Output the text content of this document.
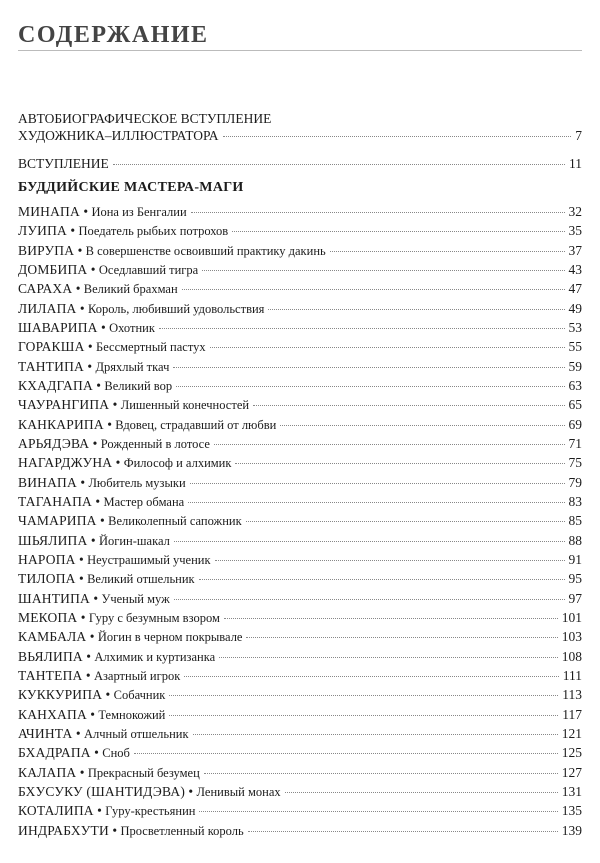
СОДЕРЖАНИЕ
АВТОБИОГРАФИЧЕСКОЕ ВСТУПЛЕНИЕ
ХУДОЖНИКА–ИЛЛЮСТРАТОРА	7
ВСТУПЛЕНИЕ	11
БУДДИЙСКИЕ МАСТЕРА-МАГИ
МИНАПА • Иона из Бенгалии	32
ЛУИПА • Поедатель рыбьих потрохов	35
ВИРУПА • В совершенстве освоивший практику дакинь	37
ДОМБИПА • Оседлавший тигра	43
САРАХА • Великий брахман	47
ЛИЛАПА • Король, любивший удовольствия	49
ШАВАРИПА • Охотник	53
ГОРАКША • Бессмертный пастух	55
ТАНТИПА • Дряхлый ткач	59
КХАДГАПА • Великий вор	63
ЧАУРАНГИПА • Лишенный конечностей	65
КАНКАРИПА • Вдовец, страдавший от любви	69
АРЬЯДЭВА • Рожденный в лотосе	71
НАГАРДЖУНА • Философ и алхимик	75
ВИНАПА • Любитель музыки	79
ТАГАНАПА • Мастер обмана	83
ЧАМАРИПА • Великолепный сапожник	85
ШЬЯЛИПА • Йогин-шакал	88
НАРОПА • Неустрашимый ученик	91
ТИЛОПА • Великий отшельник	95
ШАНТИПА • Ученый муж	97
МЕКОПА • Гуру с безумным взором	101
КАМБАЛА • Йогин в черном покрывале	103
ВЬЯЛИПА • Алхимик и куртизанка	108
ТАНТЕПА • Азартный игрок	111
КУККУРИПА • Собачник	113
КАНХАПА • Темнокожий	117
АЧИНТА • Алчный отшельник	121
БХАДРАПА • Сноб	125
КАЛАПА • Прекрасный безумец	127
БХУСУКУ (ШАНТИДЭВА) • Ленивый монах	131
КОТАЛИПА • Гуру-крестьянин	135
ИНДРАБХУТИ • Просветленный король	139
